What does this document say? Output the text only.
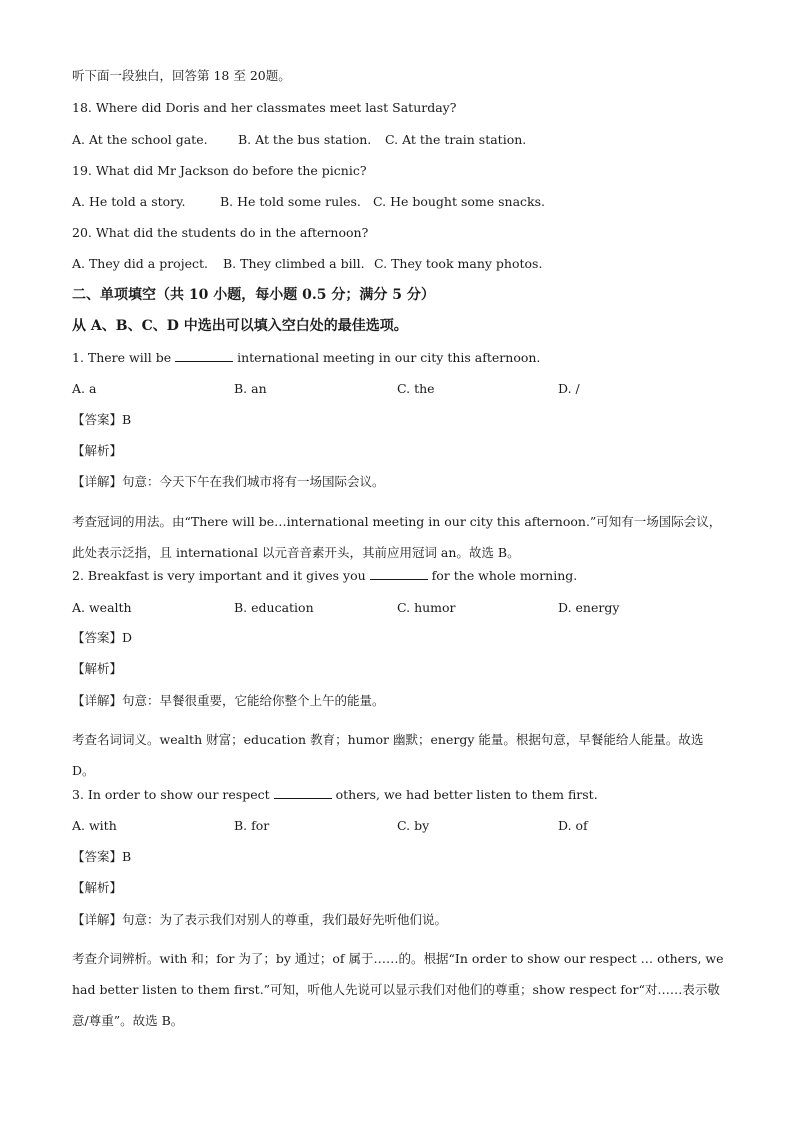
听下面一段独白，回答第 18 至 20题。
18. Where did Doris and her classmates meet last Saturday?
A. At the school gate. B. At the bus station. C. At the train station.
19. What did Mr Jackson do before the picnic?
A. He told a story.	B. He told some rules. C. He bought some snacks.
20. What did the students do in the afternoon?
A. They did a project. B. They climbed a bill. C. They took many photos.
二、单项填空（共 10 小题，每小题 0.5 分；满分 5 分）
从 A、B、C、D 中选出可以填入空白处的最佳选项。
1. There will be	international meeting in our city this afternoon.
A. a	B. an	C. the	D. /
【答案】B
【解析】
【详解】句意：今天下午在我们城市将有一场国际会议。
考查冠词的用法。由“There will be…international meeting in our city this afternoon.”可知有一场国际会议，此处表示泛指，且 international 以元音音素开头，其前应用冠词 an。故选 B。
2. Breakfast is very important and it gives you	for the whole morning.
A. wealth	B. education	C. humor	D. energy
【答案】D
【解析】
【详解】句意：早餐很重要，它能给你整个上午的能量。
考查名词词义。wealth 财富；education 教育；humor 幽默；energy 能量。根据句意，早餐能给人能量。故选 D。
3. In order to show our respect	others, we had better listen to them first.
A. with	B. for	C. by	D. of
【答案】B
【解析】
【详解】句意：为了表示我们对别人的尊重，我们最好先听他们说。
考查介词辨析。with 和；for 为了；by 通过；of 属于……的。根据“In order to show our respect … others, we had better listen to them first.”可知，听他人先说可以显示我们对他们的尊重；show respect for“对……表示敬意/尊重”。故选 B。
